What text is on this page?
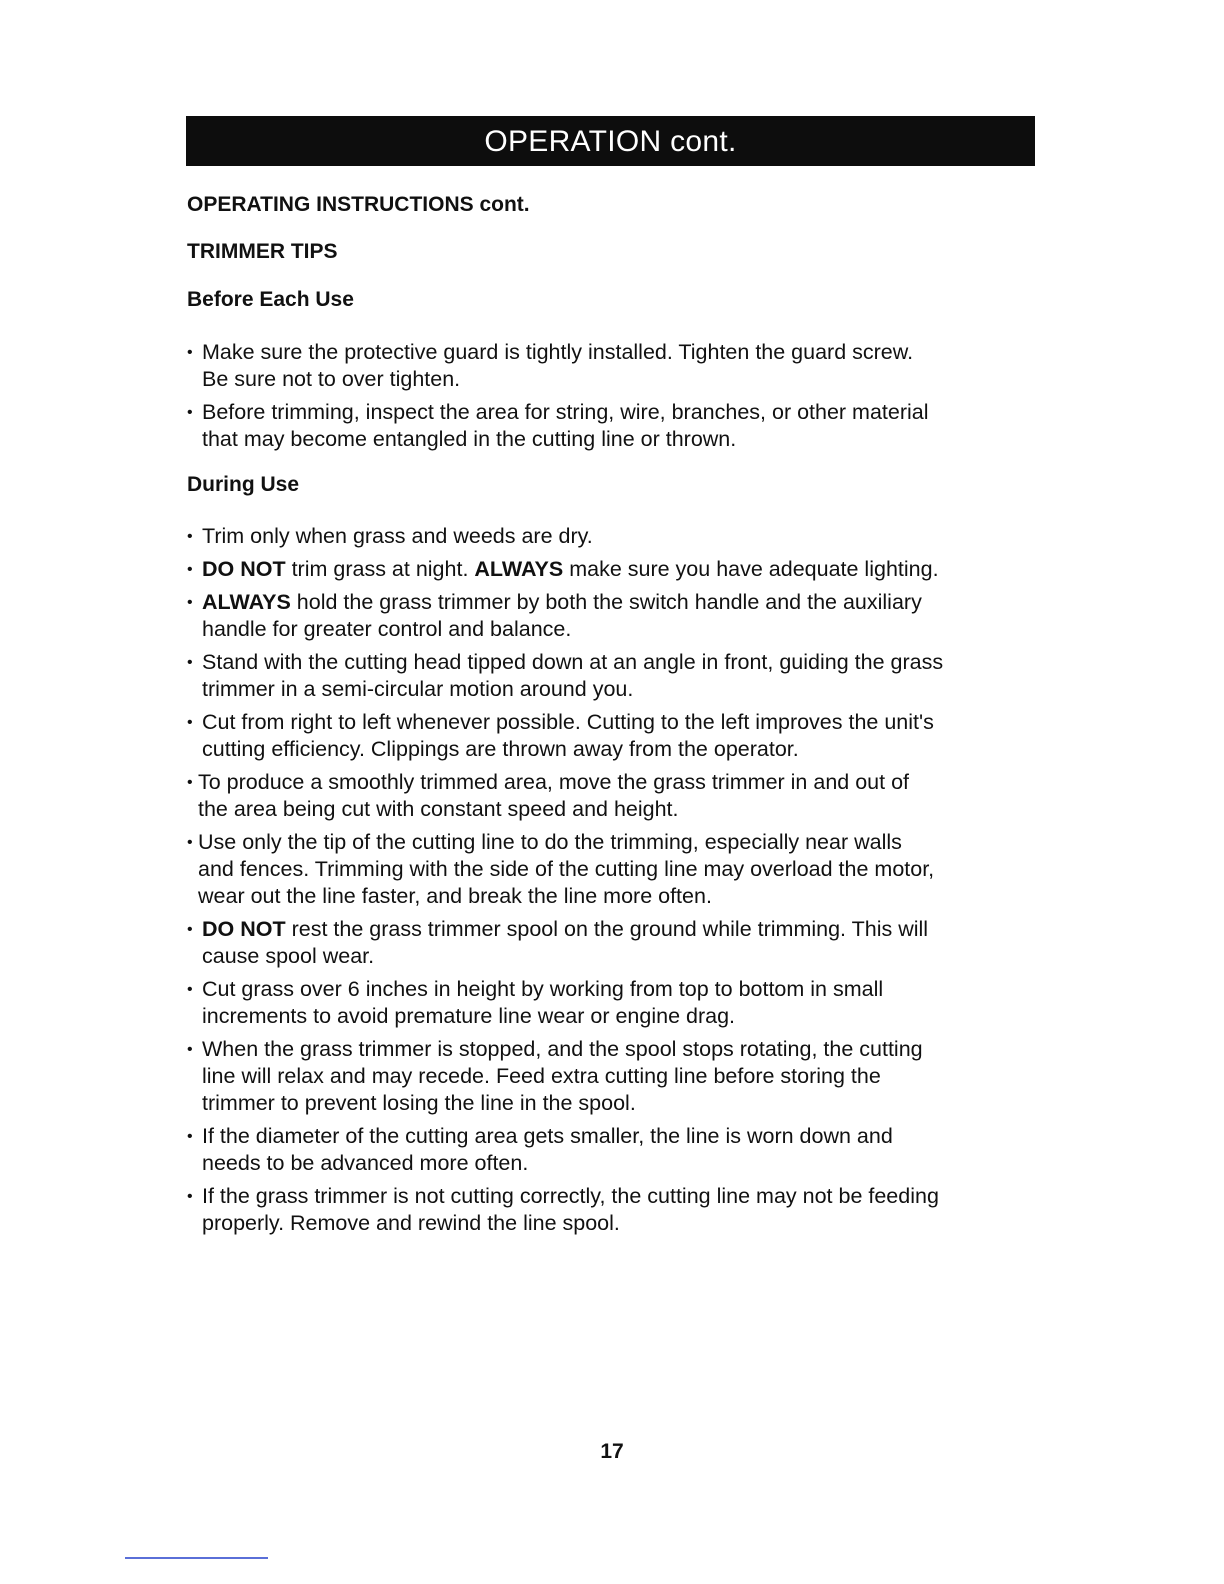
OPERATION cont.

OPERATING INSTRUCTIONS cont.

TRIMMER TIPS

Before Each Use

• Make sure the protective guard is tightly installed. Tighten the guard screw.
Be sure not to over tighten.
• Before trimming, inspect the area for string, wire, branches, or other material
that may become entangled in the cutting line or thrown.

During Use

• Trim only when grass and weeds are dry.
• DO NOT trim grass at night. ALWAYS make sure you have adequate lighting.
• ALWAYS hold the grass trimmer by both the switch handle and the auxiliary
handle for greater control and balance.
• Stand with the cutting head tipped down at an angle in front, guiding the grass
trimmer in a semi-circular motion around you.
• Cut from right to left whenever possible. Cutting to the left improves the unit's
cutting efficiency. Clippings are thrown away from the operator.
• To produce a smoothly trimmed area, move the grass trimmer in and out of
the area being cut with constant speed and height.
• Use only the tip of the cutting line to do the trimming, especially near walls
and fences. Trimming with the side of the cutting line may overload the motor,
wear out the line faster, and break the line more often.
• DO NOT rest the grass trimmer spool on the ground while trimming. This will
cause spool wear.
• Cut grass over 6 inches in height by working from top to bottom in small
increments to avoid premature line wear or engine drag.
• When the grass trimmer is stopped, and the spool stops rotating, the cutting
line will relax and may recede. Feed extra cutting line before storing the
trimmer to prevent losing the line in the spool.
• If the diameter of the cutting area gets smaller, the line is worn down and
needs to be advanced more often.
• If the grass trimmer is not cutting correctly, the cutting line may not be feeding
properly. Remove and rewind the line spool.
17
